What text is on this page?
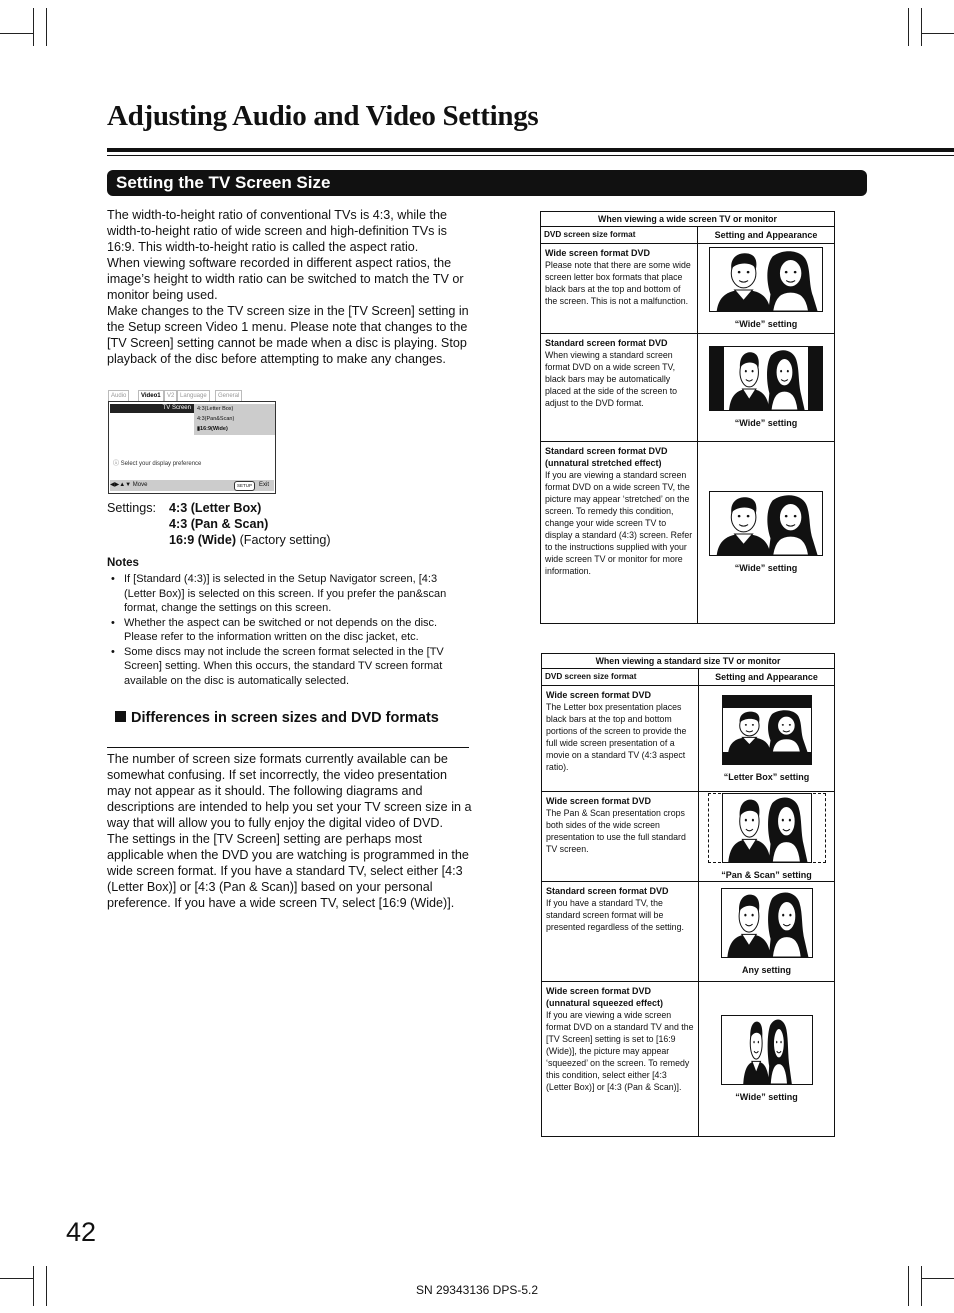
Adjusting Audio and Video Settings
Setting the TV Screen Size

The width-to-height ratio of conventional TVs is 4:3, while the width-to-height ratio of wide screen and high-definition TVs is 16:9. This width-to-height ratio is called the aspect ratio.

When viewing software recorded in different aspect ratios, the image’s height to width ratio can be switched to match the TV or monitor being used.

Make changes to the TV screen size in the [TV Screen] setting in the Setup screen Video 1 menu. Please note that changes to the [TV Screen] setting cannot be made when a disc is playing. Stop playback of the disc before attempting to make any changes.

Audio	Video1	V2 Language	General
TV Screen	4:3(Letter Box)
4:3(Pan&Scan)
▮16:9(Wide)
ⓘ Select your display preference
◀▶▲▼ Move	SETUP	Exit
Settings: 4:3 (Letter Box)
4:3 (Pan & Scan)
16:9 (Wide) (Factory setting)
Notes
• If [Standard (4:3)] is selected in the Setup Navigator screen, [4:3 (Letter Box)] is selected on this screen. If you prefer the pan&scan format, change the settings on this screen.
• Whether the aspect can be switched or not depends on the disc. Please refer to the information written on the disc jacket, etc.
• Some discs may not include the screen format selected in the [TV Screen] setting. When this occurs, the standard TV screen format available on the disc is automatically selected.
Differences in screen sizes and DVD formats

The number of screen size formats currently available can be somewhat confusing. If set incorrectly, the video presentation may not appear as it should. The following diagrams and descriptions are intended to help you set your TV screen size in a way that will allow you to fully enjoy the digital video of DVD.

The settings in the [TV Screen] setting are perhaps most applicable when the DVD you are watching is programmed in the wide screen format. If you have a standard TV, select either [4:3 (Letter Box)] or [4:3 (Pan & Scan)] based on your personal preference. If you have a wide screen TV, select [16:9 (Wide)].

When viewing a wide screen TV or monitor	
DVD screen size format	Setting and Appearance

Wide screen format DVD
Please note that there are some wide screen letter box formats that place black bars at the top and bottom of the screen. This is not a malfunction.	“Wide” setting

Standard screen format DVD
When viewing a standard screen format DVD on a wide screen TV, black bars may be automatically placed at the side of the screen to adjust to the DVD format.	“Wide” setting

Standard screen format DVD
(unnatural stretched effect)
If you are viewing a standard screen format DVD on a wide screen TV, the picture may appear ‘stretched’ on the screen. To remedy this condition, change your wide screen TV to display a standard (4:3) screen. Refer to the instructions supplied with your wide screen TV or monitor for more information.	“Wide” setting
When viewing a standard size TV or monitor	
DVD screen size format	Setting and Appearance

Wide screen format DVD
The Letter box presentation places black bars at the top and bottom portions of the screen to provide the full wide screen presentation of a movie on a standard TV (4:3 aspect ratio).	“Letter Box” setting

Wide screen format DVD
The Pan & Scan presentation crops both sides of the wide screen presentation to use the full standard TV screen.	“Pan & Scan” setting

Standard screen format DVD
If you have a standard TV, the standard screen format will be presented regardless of the setting.	Any setting

Wide screen format DVD
(unnatural squeezed effect)
If you are viewing a wide screen format DVD on a standard TV and the [TV Screen] setting is set to [16:9 (Wide)], the picture may appear ‘squeezed’ on the screen. To remedy this condition, select either [4:3 (Letter Box)] or [4:3 (Pan & Scan)].	“Wide” setting
42
SN 29343136 DPS-5.2
